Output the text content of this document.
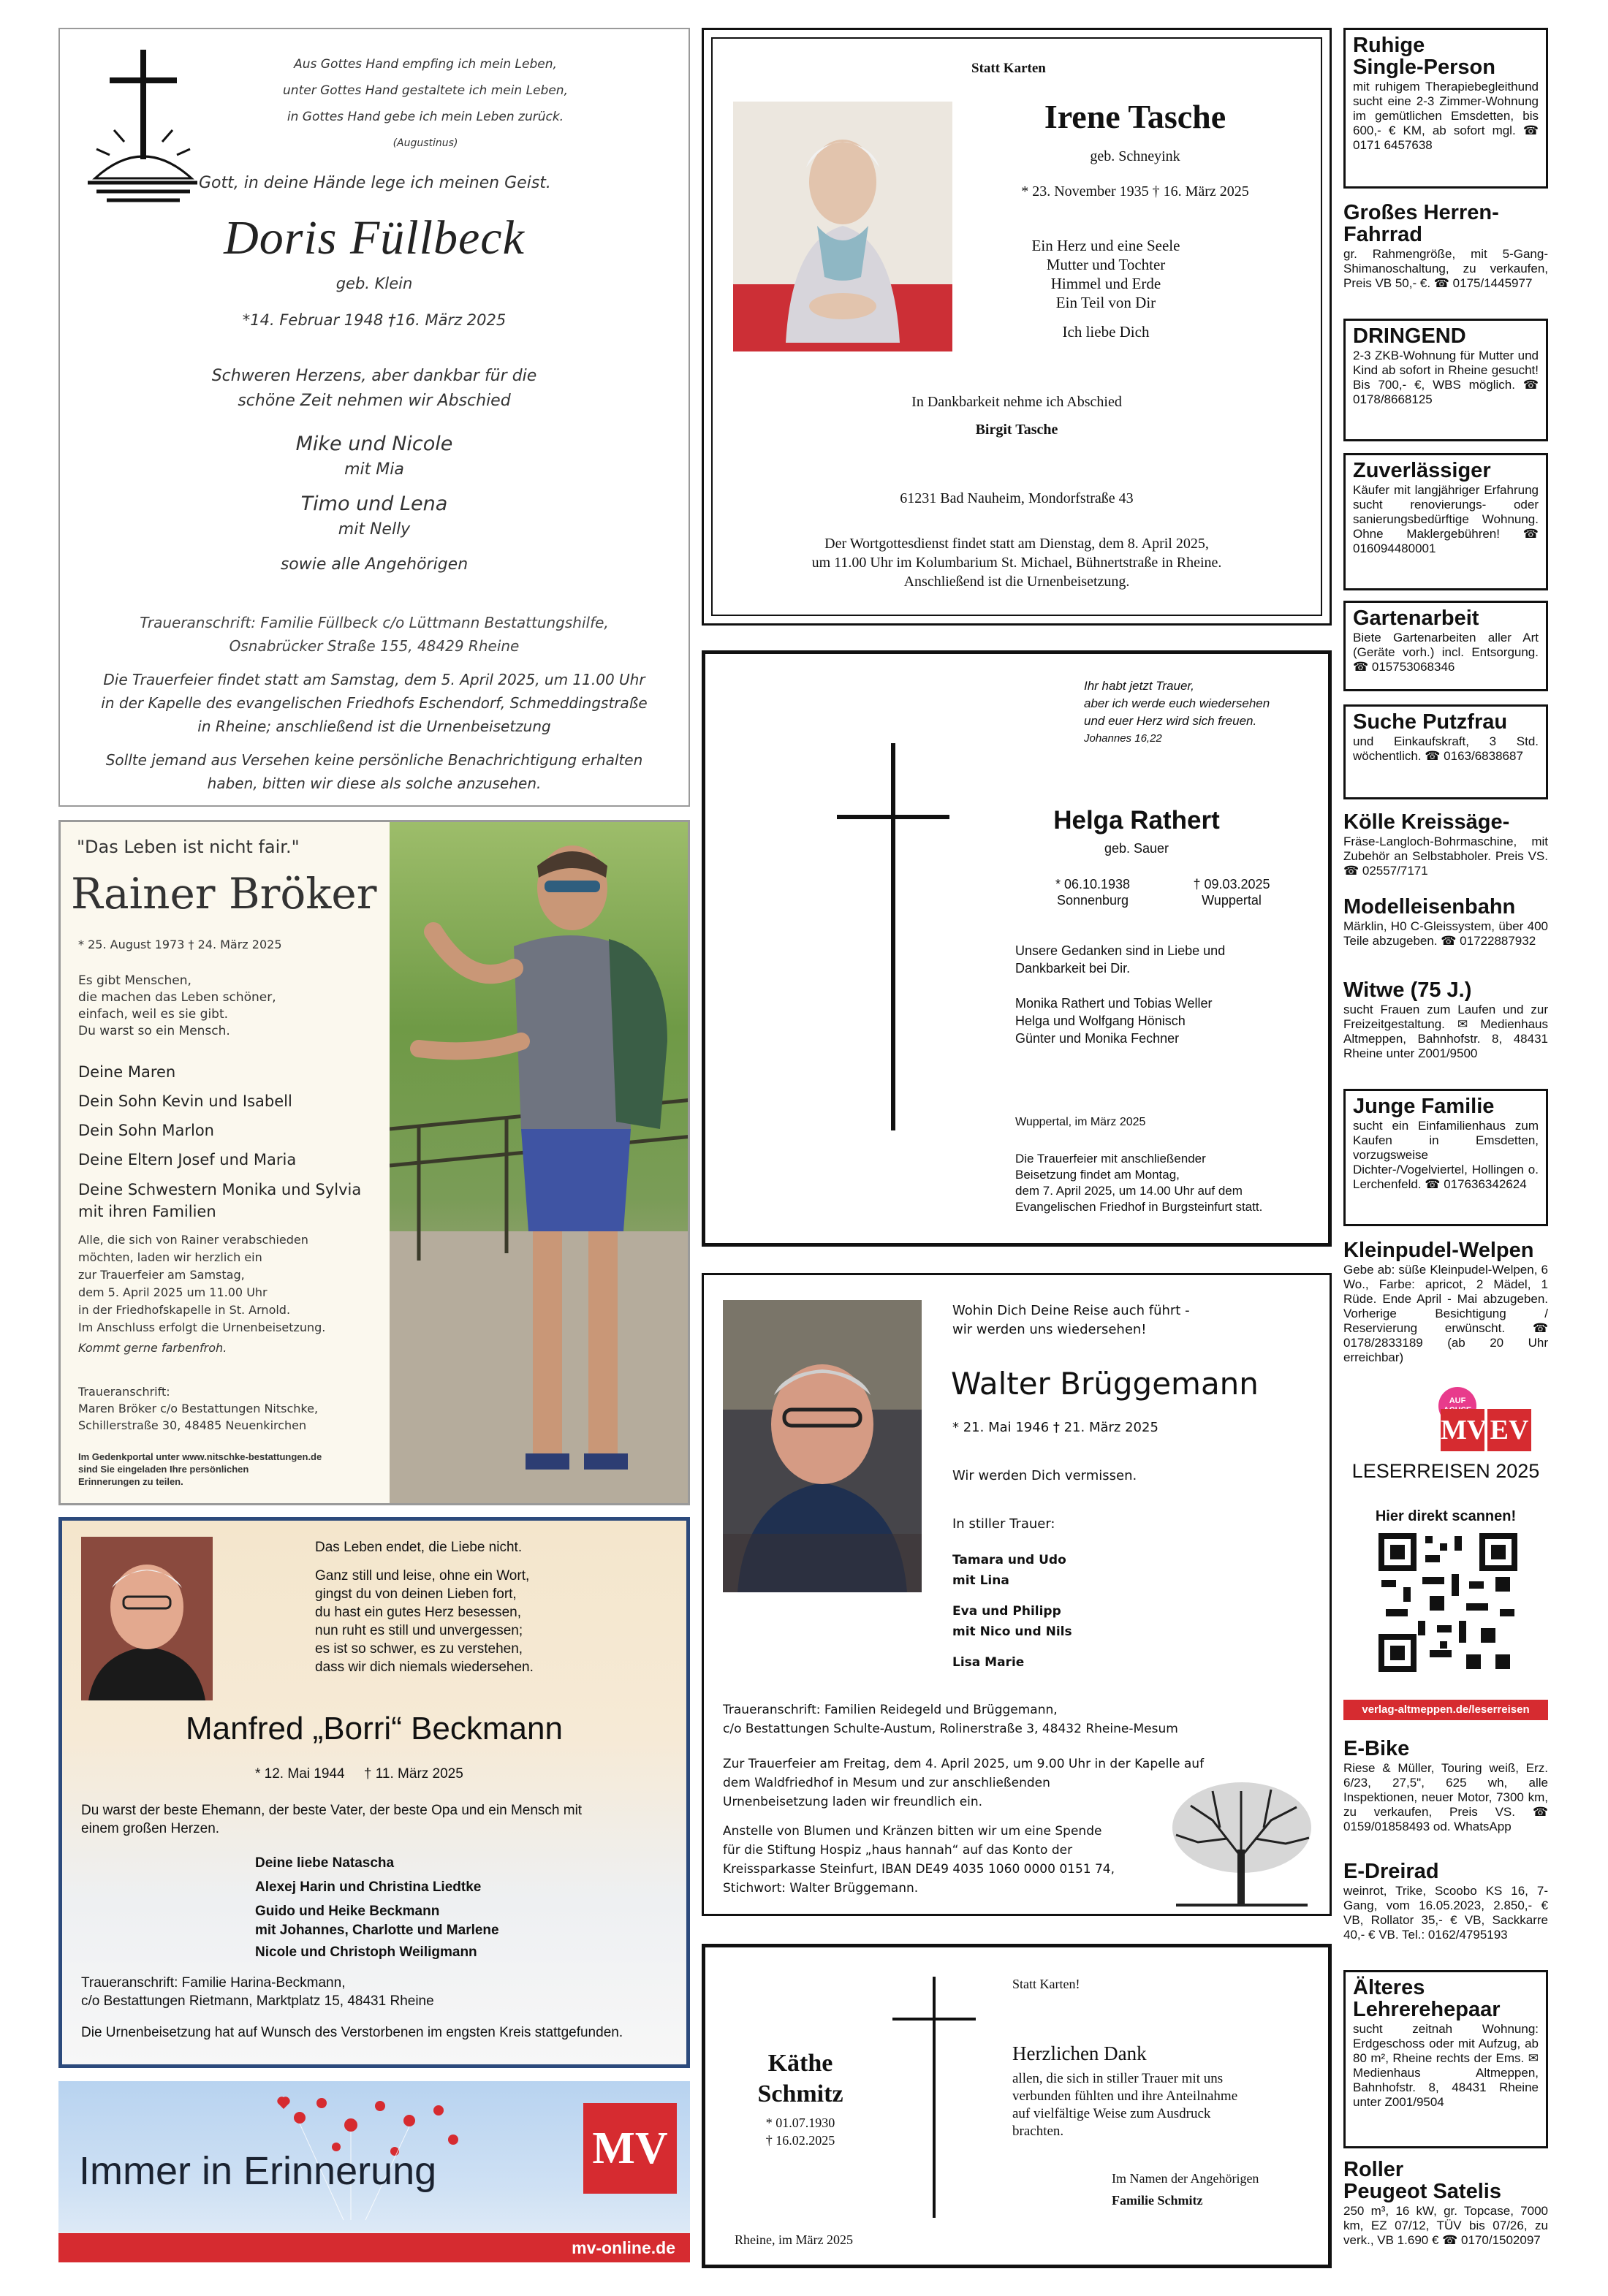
Aus Gottes Hand empfing ich mein Leben,
unter Gottes Hand gestaltete ich mein Leben,
in Gottes Hand gebe ich mein Leben zurück.
(Augustinus)
Gott, in deine Hände lege ich meinen Geist.
Doris Füllbeck
geb. Klein
*14. Februar 1948 †16. März 2025
Schweren Herzens, aber dankbar für die
schöne Zeit nehmen wir Abschied
Mike und Nicole
mit Mia
Timo und Lena
mit Nelly
sowie alle Angehörigen
Traueranschrift: Familie Füllbeck c/o Lüttmann Bestattungshilfe,
Osnabrücker Straße 155, 48429 Rheine
Die Trauerfeier findet statt am Samstag, dem 5. April 2025, um 11.00 Uhr
in der Kapelle des evangelischen Friedhofs Eschendorf, Schmeddingstraße
in Rheine; anschließend ist die Urnenbeisetzung
Sollte jemand aus Versehen keine persönliche Benachrichtigung erhalten
haben, bitten wir diese als solche anzusehen.
Statt Karten
Irene Tasche
geb. Schneyink
* 23. November 1935 † 16. März 2025
Ein Herz und eine Seele
Mutter und Tochter
Himmel und Erde
Ein Teil von Dir
Ich liebe Dich
In Dankbarkeit nehme ich Abschied
Birgit Tasche
61231 Bad Nauheim, Mondorfstraße 43
Der Wortgottesdienst findet statt am Dienstag, dem 8. April 2025,
um 11.00 Uhr im Kolumbarium St. Michael, Bühnertstraße in Rheine.
Anschließend ist die Urnenbeisetzung.
Ihr habt jetzt Trauer,
aber ich werde euch wiedersehen
und euer Herz wird sich freuen.
Johannes 16,22
Helga Rathert
geb. Sauer
* 06.10.1938
Sonnenburg
† 09.03.2025
Wuppertal
Unsere Gedanken sind in Liebe und
Dankbarkeit bei Dir.
Monika Rathert und Tobias Weller
Helga und Wolfgang Hönisch
Günter und Monika Fechner
Wuppertal, im März 2025
Die Trauerfeier mit anschließender
Beisetzung findet am Montag,
dem 7. April 2025, um 14.00 Uhr auf dem
Evangelischen Friedhof in Burgsteinfurt statt.
"Das Leben ist nicht fair."
Rainer Bröker
* 25. August 1973 † 24. März 2025
Es gibt Menschen,
die machen das Leben schöner,
einfach, weil es sie gibt.
Du warst so ein Mensch.
Deine Maren
Dein Sohn Kevin und Isabell
Dein Sohn Marlon
Deine Eltern Josef und Maria
Deine Schwestern Monika und Sylvia
mit ihren Familien
Alle, die sich von Rainer verabschieden
möchten, laden wir herzlich ein
zur Trauerfeier am Samstag,
dem 5. April 2025 um 11.00 Uhr
in der Friedhofskapelle in St. Arnold.
Im Anschluss erfolgt die Urnenbeisetzung.
Kommt gerne farbenfroh.
Traueranschrift:
Maren Bröker c/o Bestattungen Nitschke,
Schillerstraße 30, 48485 Neuenkirchen
Im Gedenkportal unter www.nitschke-bestattungen.de
sind Sie eingeladen Ihre persönlichen
Erinnerungen zu teilen.
Wohin Dich Deine Reise auch führt -
wir werden uns wiedersehen!
Walter Brüggemann
* 21. Mai 1946 † 21. März 2025
Wir werden Dich vermissen.
In stiller Trauer:
Tamara und Udo
mit Lina
Eva und Philipp
mit Nico und Nils
Lisa Marie
Traueranschrift: Familien Reidegeld und Brüggemann,
c/o Bestattungen Schulte-Austum, Rolinerstraße 3, 48432 Rheine-Mesum
Zur Trauerfeier am Freitag, dem 4. April 2025, um 9.00 Uhr in der Kapelle auf
dem Waldfriedhof in Mesum und zur anschließenden
Urnenbeisetzung laden wir freundlich ein.
Anstelle von Blumen und Kränzen bitten wir um eine Spende
für die Stiftung Hospiz „haus hannah“ auf das Konto der
Kreissparkasse Steinfurt, IBAN DE49 4035 1060 0000 0151 74,
Stichwort: Walter Brüggemann.
Das Leben endet, die Liebe nicht.
Ganz still und leise, ohne ein Wort,
gingst du von deinen Lieben fort,
du hast ein gutes Herz besessen,
nun ruht es still und unvergessen;
es ist so schwer, es zu verstehen,
dass wir dich niemals wiedersehen.
Manfred „Borri“ Beckmann
* 12. Mai 1944     † 11. März 2025
Du warst der beste Ehemann, der beste Vater, der beste Opa und ein Mensch mit
einem großen Herzen.
Deine liebe Natascha
Alexej Harin und Christina Liedtke
Guido und Heike Beckmann
mit Johannes, Charlotte und Marlene
Nicole und Christoph Weiligmann
Traueranschrift: Familie Harina-Beckmann,
c/o Bestattungen Rietmann, Marktplatz 15, 48431 Rheine
Die Urnenbeisetzung hat auf Wunsch des Verstorbenen im engsten Kreis stattgefunden.
Immer in Erinnerung	MV
mv-online.de
Käthe
Schmitz
* 01.07.1930
† 16.02.2025
Statt Karten!
Herzlichen Dank
allen, die sich in stiller Trauer mit uns
verbunden fühlten und ihre Anteilnahme
auf vielfältige Weise zum Ausdruck
brachten.
Im Namen der Angehörigen
Familie Schmitz
Rheine, im März 2025
Ruhige
Single-Person

mit ruhigem Therapiebegleithund sucht eine 2-3 Zimmer-Wohnung im gemütlichen Emsdetten, bis 600,- € KM, ab sofort mgl. ☎ 0171 6457638

Großes Herren-
Fahrrad

gr. Rahmengröße, mit 5-Gang-Shimanoschaltung, zu verkaufen, Preis VB 50,- €. ☎ 0175/1445977

DRINGEND

2-3 ZKB-Wohnung für Mutter und Kind ab sofort in Rheine gesucht! Bis 700,- €, WBS möglich. ☎ 0178/8668125

Zuverlässiger

Käufer mit langjähriger Erfahrung sucht renovierungs- oder sanierungsbedürftige Wohnung. Ohne Maklergebühren! ☎ 016094480001

Gartenarbeit

Biete Gartenarbeiten aller Art (Geräte vorh.) incl. Entsorgung. ☎ 015753068346

Suche Putzfrau

und Einkaufskraft, 3 Std. wöchentlich. ☎ 0163/6838687

Kölle Kreissäge-

Fräse-Langloch-Bohrmaschine, mit Zubehör an Selbstabholer. Preis VS. ☎ 02557/7171

Modelleisenbahn

Märklin, H0 C-Gleissystem, über 400 Teile abzugeben. ☎ 01722887932

Witwe (75 J.)

sucht Frauen zum Laufen und zur Freizeitgestaltung. ✉ Medienhaus Altmeppen, Bahnhofstr. 8, 48431 Rheine unter Z001/9500

Junge Familie

sucht ein Einfamilienhaus zum Kaufen in Emsdetten, vorzugsweise Dichter-/Vogelviertel, Hollingen o. Lerchenfeld. ☎ 017636342624

Kleinpudel-Welpen

Gebe ab: süße Kleinpudel-Welpen, 6 Wo., Farbe: apricot, 2 Mädel, 1 Rüde. Ende April - Mai abzugeben. Vorherige Besichtigung / Reservierung erwünscht. ☎ 0178/2833189 (ab 20 Uhr erreichbar)

AUF
MV EV
LESERREISEN 2025
Hier direkt scannen!
verlag-altmeppen.de/leserreisen
E-Bike

Riese & Müller, Touring weiß, Erz. 6/23, 27,5", 625 wh, alle Inspektionen, neuer Motor, 7300 km, zu verkaufen, Preis VS. ☎ 0159/01858493 od. WhatsApp

E-Dreirad

weinrot, Trike, Scoobo KS 16, 7-Gang, vom 16.05.2023, 2.850,- € VB, Rollator 35,- € VB, Sackkarre 40,- € VB. Tel.: 0162/4795193

Älteres
Lehrerehepaar

sucht zeitnah Wohnung: Erdgeschoss oder mit Aufzug, ab 80 m², Rheine rechts der Ems. ✉ Medienhaus Altmeppen, Bahnhofstr. 8, 48431 Rheine unter Z001/9504

Roller
Peugeot Satelis

250 m³, 16 kW, gr. Topcase, 7000 km, EZ 07/12, TÜV bis 07/26, zu verk., VB 1.690 € ☎ 0170/1502097
